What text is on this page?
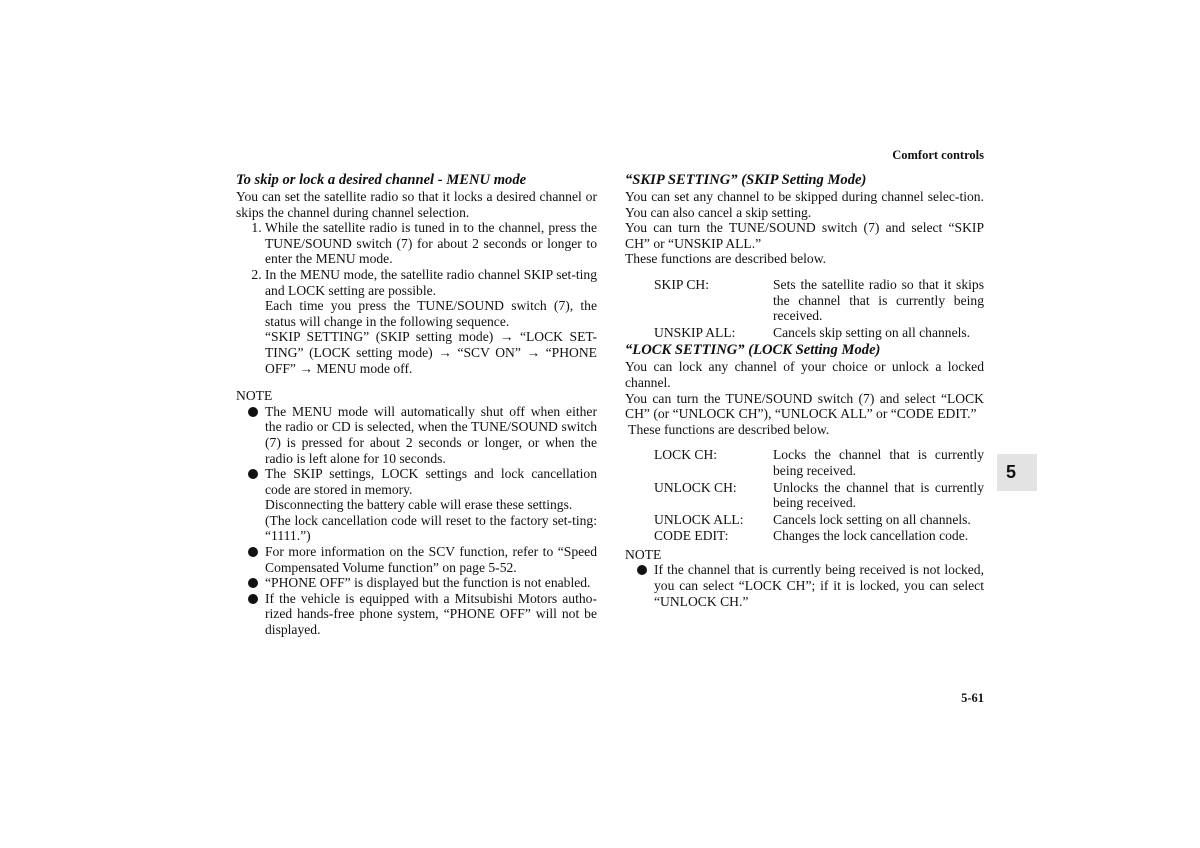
Comfort controls
To skip or lock a desired channel - MENU mode

You can set the satellite radio so that it locks a desired channel or skips the channel during channel selection.

1. While the satellite radio is tuned in to the channel, press the TUNE/SOUND switch (7) for about 2 seconds or longer to enter the MENU mode.
2. In the MENU mode, the satellite radio channel SKIP set-ting and LOCK setting are possible.

Each time you press the TUNE/SOUND switch (7), the status will change in the following sequence.

“SKIP SETTING” (SKIP setting mode) → “LOCK SET-TING” (LOCK setting mode) → “SCV ON” → “PHONE OFF” → MENU mode off.

NOTE
The MENU mode will automatically shut off when either the radio or CD is selected, when the TUNE/SOUND switch (7) is pressed for about 2 seconds or longer, or when the radio is left alone for 10 seconds.
The SKIP settings, LOCK settings and lock cancellation code are stored in memory.

Disconnecting the battery cable will erase these settings.

(The lock cancellation code will reset to the factory set-ting: “1111.”)

For more information on the SCV function, refer to “Speed Compensated Volume function” on page 5-52.
“PHONE OFF” is displayed but the function is not enabled.
If the vehicle is equipped with a Mitsubishi Motors autho-rized hands-free phone system, “PHONE OFF” will not be displayed.
“SKIP SETTING” (SKIP Setting Mode)

You can set any channel to be skipped during channel selec-tion. You can also cancel a skip setting.

You can turn the TUNE/SOUND switch (7) and select “SKIP CH” or “UNSKIP ALL.”

These functions are described below.

SKIP CH:	Sets the satellite radio so that it skips the channel that is currently being received.
UNSKIP ALL:	Cancels skip setting on all channels.
“LOCK SETTING” (LOCK Setting Mode)

You can lock any channel of your choice or unlock a locked channel.

You can turn the TUNE/SOUND switch (7) and select “LOCK CH” (or “UNLOCK CH”), “UNLOCK ALL” or “CODE EDIT.”

These functions are described below.

LOCK CH:	Locks the channel that is currently being received.
UNLOCK CH:	Unlocks the channel that is currently being received.
UNLOCK ALL:	Cancels lock setting on all channels.
CODE EDIT:	Changes the lock cancellation code.
NOTE
If the channel that is currently being received is not locked, you can select “LOCK CH”; if it is locked, you can select “UNLOCK CH.”
5
5-61
